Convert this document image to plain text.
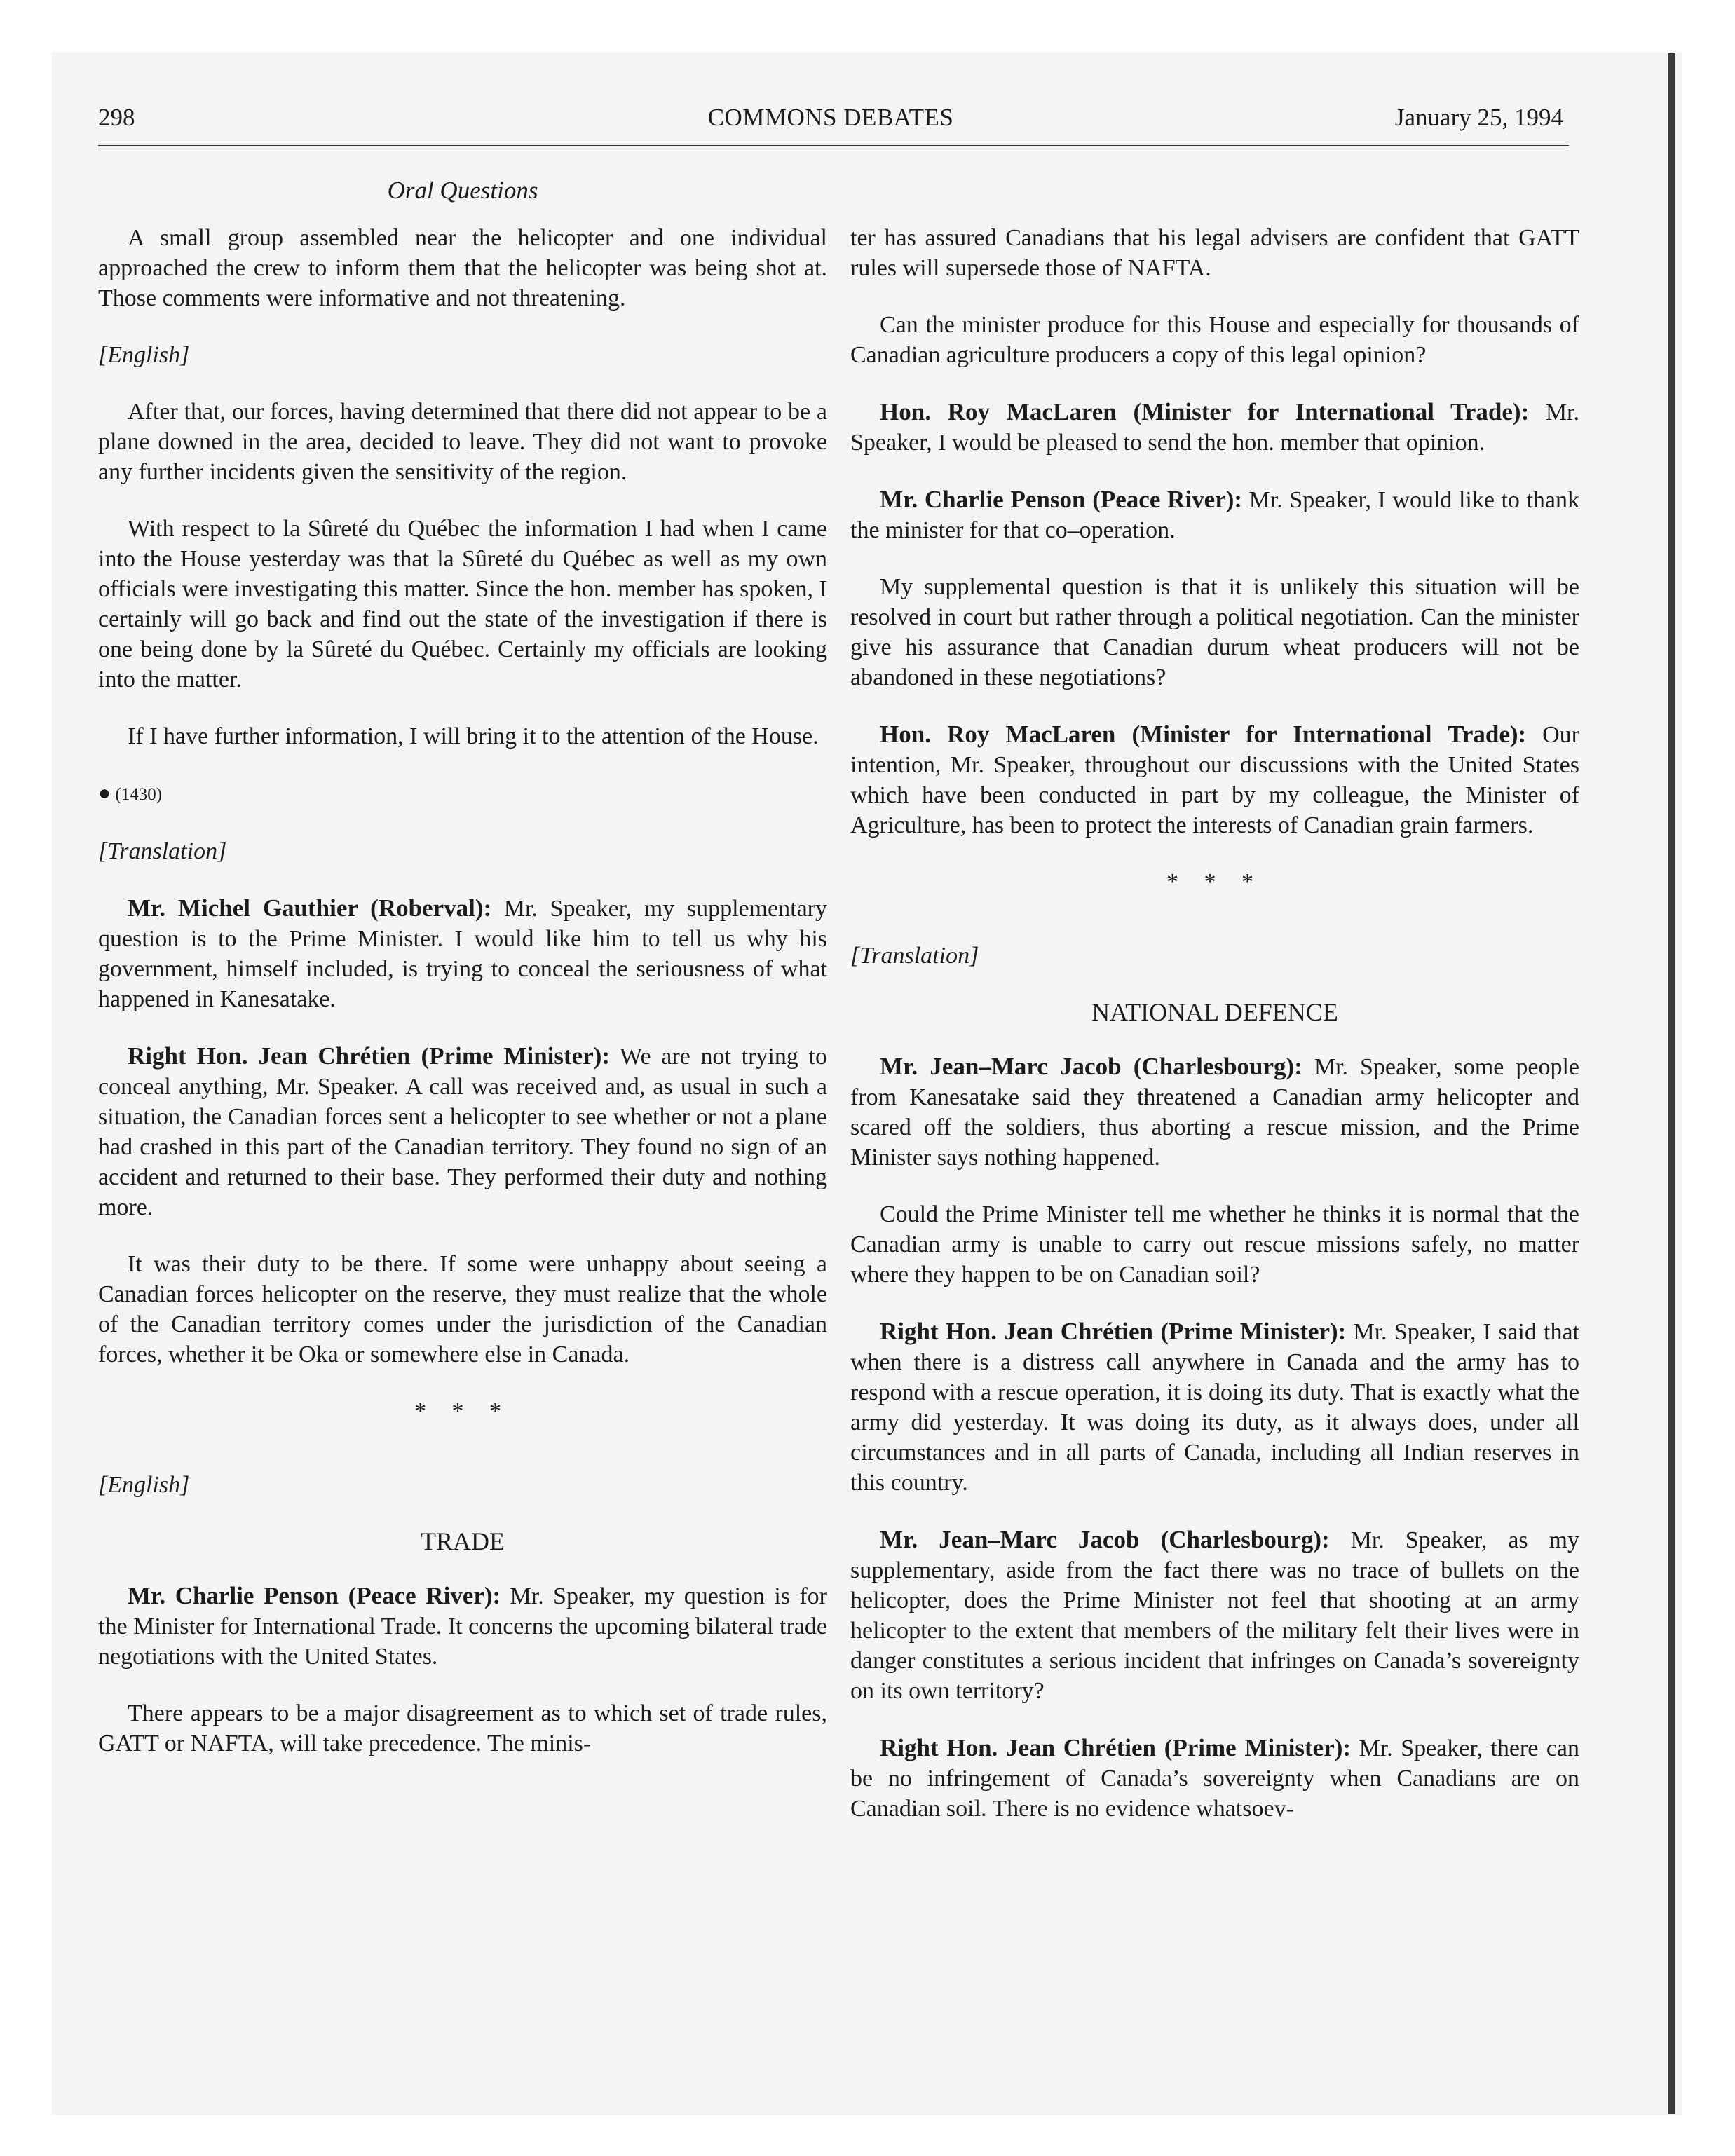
298	COMMONS DEBATES	January 25, 1994
Oral Questions

A small group assembled near the helicopter and one individual approached the crew to inform them that the helicopter was being shot at. Those comments were informative and not threatening.

[English]

After that, our forces, having determined that there did not appear to be a plane downed in the area, decided to leave. They did not want to provoke any further incidents given the sensitivity of the region.

With respect to la Sûreté du Québec the information I had when I came into the House yesterday was that la Sûreté du Québec as well as my own officials were investigating this matter. Since the hon. member has spoken, I certainly will go back and find out the state of the investigation if there is one being done by la Sûreté du Québec. Certainly my officials are looking into the matter.

If I have further information, I will bring it to the attention of the House.

● (1430)

[Translation]

Mr. Michel Gauthier (Roberval): Mr. Speaker, my supplementary question is to the Prime Minister. I would like him to tell us why his government, himself included, is trying to conceal the seriousness of what happened in Kanesatake.

Right Hon. Jean Chrétien (Prime Minister): We are not trying to conceal anything, Mr. Speaker. A call was received and, as usual in such a situation, the Canadian forces sent a helicopter to see whether or not a plane had crashed in this part of the Canadian territory. They found no sign of an accident and returned to their base. They performed their duty and nothing more.

It was their duty to be there. If some were unhappy about seeing a Canadian forces helicopter on the reserve, they must realize that the whole of the Canadian territory comes under the jurisdiction of the Canadian forces, whether it be Oka or somewhere else in Canada.

* * *

[English]

TRADE

Mr. Charlie Penson (Peace River): Mr. Speaker, my question is for the Minister for International Trade. It concerns the upcoming bilateral trade negotiations with the United States.

There appears to be a major disagreement as to which set of trade rules, GATT or NAFTA, will take precedence. The minis-

ter has assured Canadians that his legal advisers are confident that GATT rules will supersede those of NAFTA.

Can the minister produce for this House and especially for thousands of Canadian agriculture producers a copy of this legal opinion?

Hon. Roy MacLaren (Minister for International Trade): Mr. Speaker, I would be pleased to send the hon. member that opinion.

Mr. Charlie Penson (Peace River): Mr. Speaker, I would like to thank the minister for that co–operation.

My supplemental question is that it is unlikely this situation will be resolved in court but rather through a political negotiation. Can the minister give his assurance that Canadian durum wheat producers will not be abandoned in these negotiations?

Hon. Roy MacLaren (Minister for International Trade): Our intention, Mr. Speaker, throughout our discussions with the United States which have been conducted in part by my colleague, the Minister of Agriculture, has been to protect the interests of Canadian grain farmers.

* * *

[Translation]

NATIONAL DEFENCE

Mr. Jean–Marc Jacob (Charlesbourg): Mr. Speaker, some people from Kanesatake said they threatened a Canadian army helicopter and scared off the soldiers, thus aborting a rescue mission, and the Prime Minister says nothing happened.

Could the Prime Minister tell me whether he thinks it is normal that the Canadian army is unable to carry out rescue missions safely, no matter where they happen to be on Canadian soil?

Right Hon. Jean Chrétien (Prime Minister): Mr. Speaker, I said that when there is a distress call anywhere in Canada and the army has to respond with a rescue operation, it is doing its duty. That is exactly what the army did yesterday. It was doing its duty, as it always does, under all circumstances and in all parts of Canada, including all Indian reserves in this country.

Mr. Jean–Marc Jacob (Charlesbourg): Mr. Speaker, as my supplementary, aside from the fact there was no trace of bullets on the helicopter, does the Prime Minister not feel that shooting at an army helicopter to the extent that members of the military felt their lives were in danger constitutes a serious incident that infringes on Canada’s sovereignty on its own territory?

Right Hon. Jean Chrétien (Prime Minister): Mr. Speaker, there can be no infringement of Canada’s sovereignty when Canadians are on Canadian soil. There is no evidence whatsoev-
